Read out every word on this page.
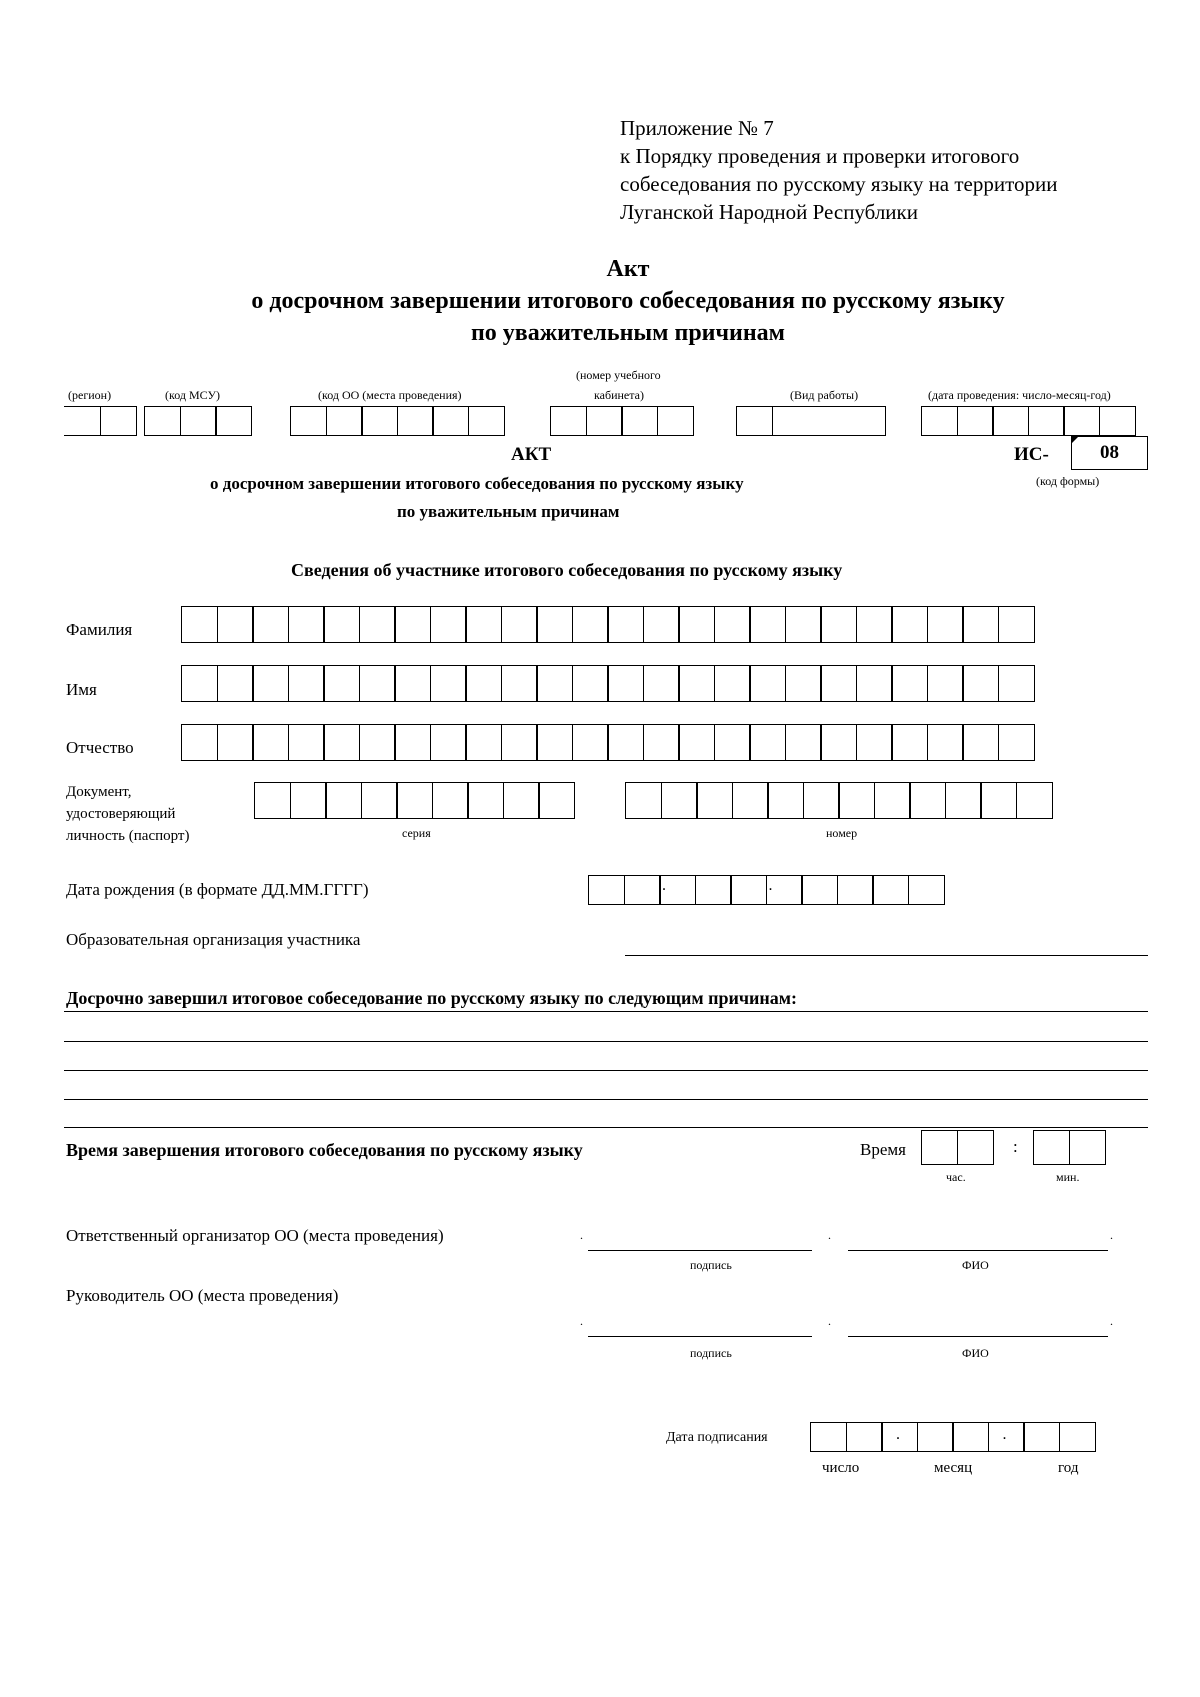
Приложение № 7
к Порядку проведения и проверки итогового
собеседования по русскому языку на территории
Луганской Народной Республики
Акт
о досрочном завершении итогового собеседования по русскому языку
по уважительным причинам
(регион)	(код МСУ)	(код ОО (места проведения)
(номер учебного
кабинета)	(Вид работы)	(дата проведения: число-месяц-год)
АКТ	ИС-	08
(код формы)
о досрочном завершении итогового собеседования по русскому языку
по уважительным причинам
Сведения об участнике итогового собеседования по русскому языку
Фамилия
Имя
Отчество
Документ,
удостоверяющий
личность (паспорт)	серия	номер
Дата рождения (в формате ДД.ММ.ГГГГ)	.	.
Образовательная организация участника
Досрочно завершил итоговое собеседование по русскому языку по следующим причинам:
Время завершения итогового собеседования по русскому языку	Время	:
час.	мин.
Ответственный организатор ОО (места проведения)	.	.	.
подпись	ФИО
Руководитель ОО (места проведения)
.	.	.
подпись	ФИО
Дата подписания	.	.
число	месяц	год
